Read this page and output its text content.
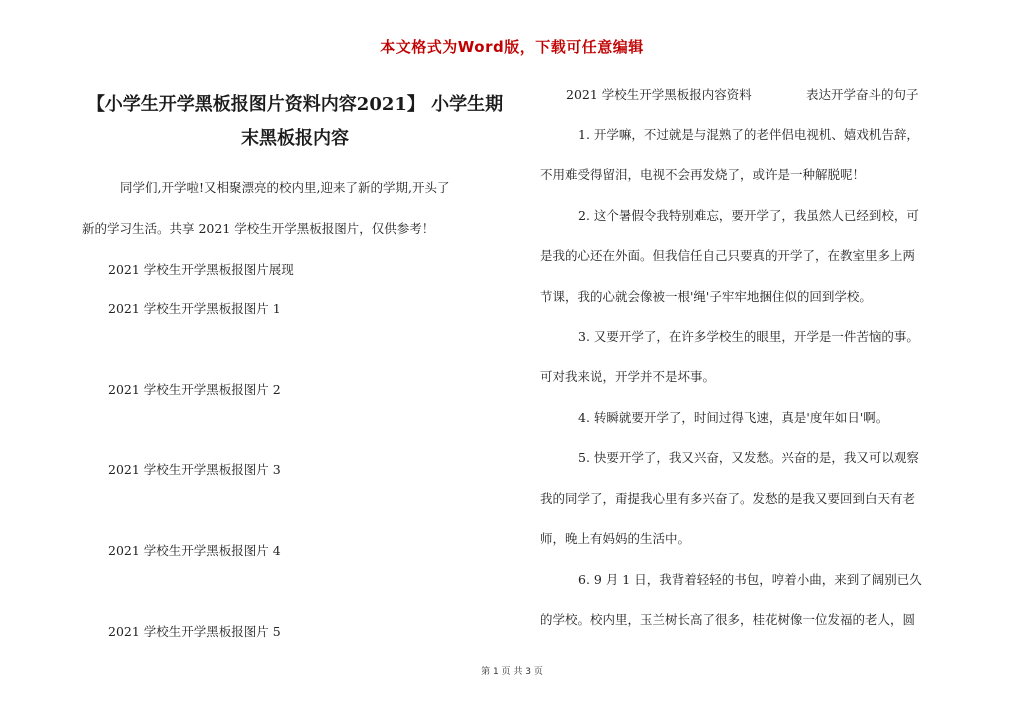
本文格式为Word版，下载可任意编辑
【小学生开学黑板报图片资料内容2021】 小学生期
末黑板报内容
同学们,开学啦!又相聚漂亮的校内里,迎来了新的学期,开头了
新的学习生活。共享 2021 学校生开学黑板报图片，仅供参考！
2021 学校生开学黑板报图片展现
2021 学校生开学黑板报图片 1
2021 学校生开学黑板报图片 2
2021 学校生开学黑板报图片 3
2021 学校生开学黑板报图片 4
2021 学校生开学黑板报图片 5
2021 学校生开学黑板报内容资料	表达开学奋斗的句子
1. 开学嘛，不过就是与混熟了的老伴侣电视机、嬉戏机告辞，
不用难受得留泪，电视不会再发烧了，或许是一种解脱呢！
2. 这个暑假令我特别难忘，要开学了，我虽然人已经到校，可
是我的心还在外面。但我信任自己只要真的开学了，在教室里多上两
节课，我的心就会像被一根'绳'子牢牢地捆住似的回到学校。
3. 又要开学了，在许多学校生的眼里，开学是一件苦恼的事。
可对我来说，开学并不是坏事。
4. 转瞬就要开学了，时间过得飞速，真是'度年如日'啊。
5. 快要开学了，我又兴奋，又发愁。兴奋的是，我又可以观察
我的同学了，甭提我心里有多兴奋了。发愁的是我又要回到白天有老
师，晚上有妈妈的生活中。
6. 9 月 1 日，我背着轻轻的书包，哼着小曲，来到了阔别已久
的学校。校内里，玉兰树长高了很多，桂花树像一位发福的老人，圆
第 1 页 共 3 页
